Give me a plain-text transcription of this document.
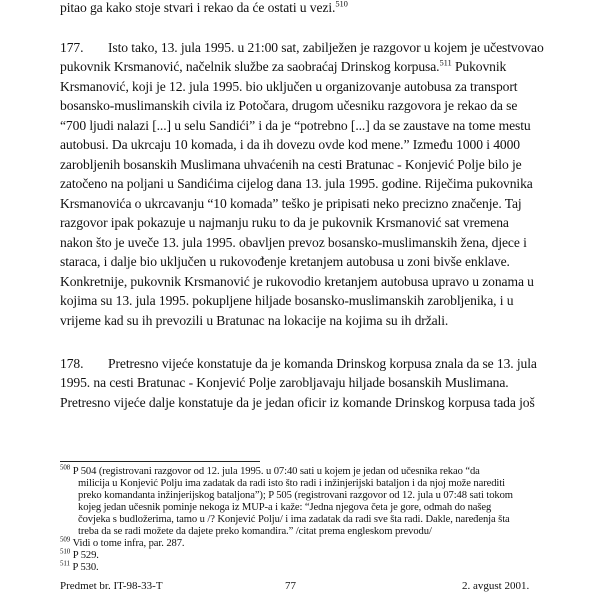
pitao ga kako stoje stvari i rekao da će ostati u vezi.$^{510}$
177. Isto tako, 13. jula 1995. u 21:00 sat, zabilježen je razgovor u kojem je učestvovao
pukovnik Krsmanović, načelnik službe za saobraćaj Drinskog korpusa.$^{511}$ Pukovnik
Krsmanović, koji je 12. jula 1995. bio uključen u organizovanje autobusa za transport
bosansko-muslimanskih civila iz Potočara, drugom učesniku razgovora je rekao da se
“700 ljudi nalazi [...] u selu Sandići” i da je “potrebno [...] da se zaustave na tome mestu
autobusi. Da ukrcaju 10 komada, i da ih dovezu ovde kod mene.” Između 1000 i 4000
zarobljenih bosanskih Muslimana uhvaćenih na cesti Bratunac - Konjević Polje bilo je
zatočeno na poljani u Sandićima cijelog dana 13. jula 1995. godine. Riječima pukovnika
Krsmanovića o ukrcavanju “10 komada” teško je pripisati neko precizno značenje. Taj
razgovor ipak pokazuje u najmanju ruku to da je pukovnik Krsmanović sat vremena
nakon što je uveče 13. jula 1995. obavljen prevoz bosansko-muslimanskih žena, djece i
staraca, i dalje bio uključen u rukovođenje kretanjem autobusa u zoni bivše enklave.
Konkretnije, pukovnik Krsmanović je rukovodio kretanjem autobusa upravo u zonama u
kojima su 13. jula 1995. pokupljene hiljade bosansko-muslimanskih zarobljenika, i u
vrijeme kad su ih prevozili u Bratunac na lokacije na kojima su ih držali.
178. Pretresno vijeće konstatuje da je komanda Drinskog korpusa znala da se 13. jula
1995. na cesti Bratunac - Konjević Polje zarobljavaju hiljade bosanskih Muslimana.
Pretresno vijeće dalje konstatuje da je jedan oficir iz komande Drinskog korpusa tada još
$^{508}$ P 504 (registrovani razgovor od 12. jula 1995. u 07:40 sati u kojem je jedan od učesnika rekao “da
milicija u Konjević Polju ima zadatak da radi isto što radi i inžinjerijski bataljon i da njoj može narediti
preko komandanta inžinjerijskog bataljona”); P 505 (registrovani razgovor od 12. jula u 07:48 sati tokom
kojeg jedan učesnik pominje nekoga iz MUP-a i kaže: “Jedna njegova četa je gore, odmah do našeg
čovjeka s budložerima, tamo u /? Konjević Polju/ i ima zadatak da radi sve šta radi. Dakle, naređenja šta
treba da se radi možete da dajete preko komandira.” /citat prema engleskom prevodu/
$^{509}$ Vidi o tome infra, par. 287.
$^{510}$ P 529.
$^{511}$ P 530.
Predmet br. IT-98-33-T	77	2. avgust 2001.
